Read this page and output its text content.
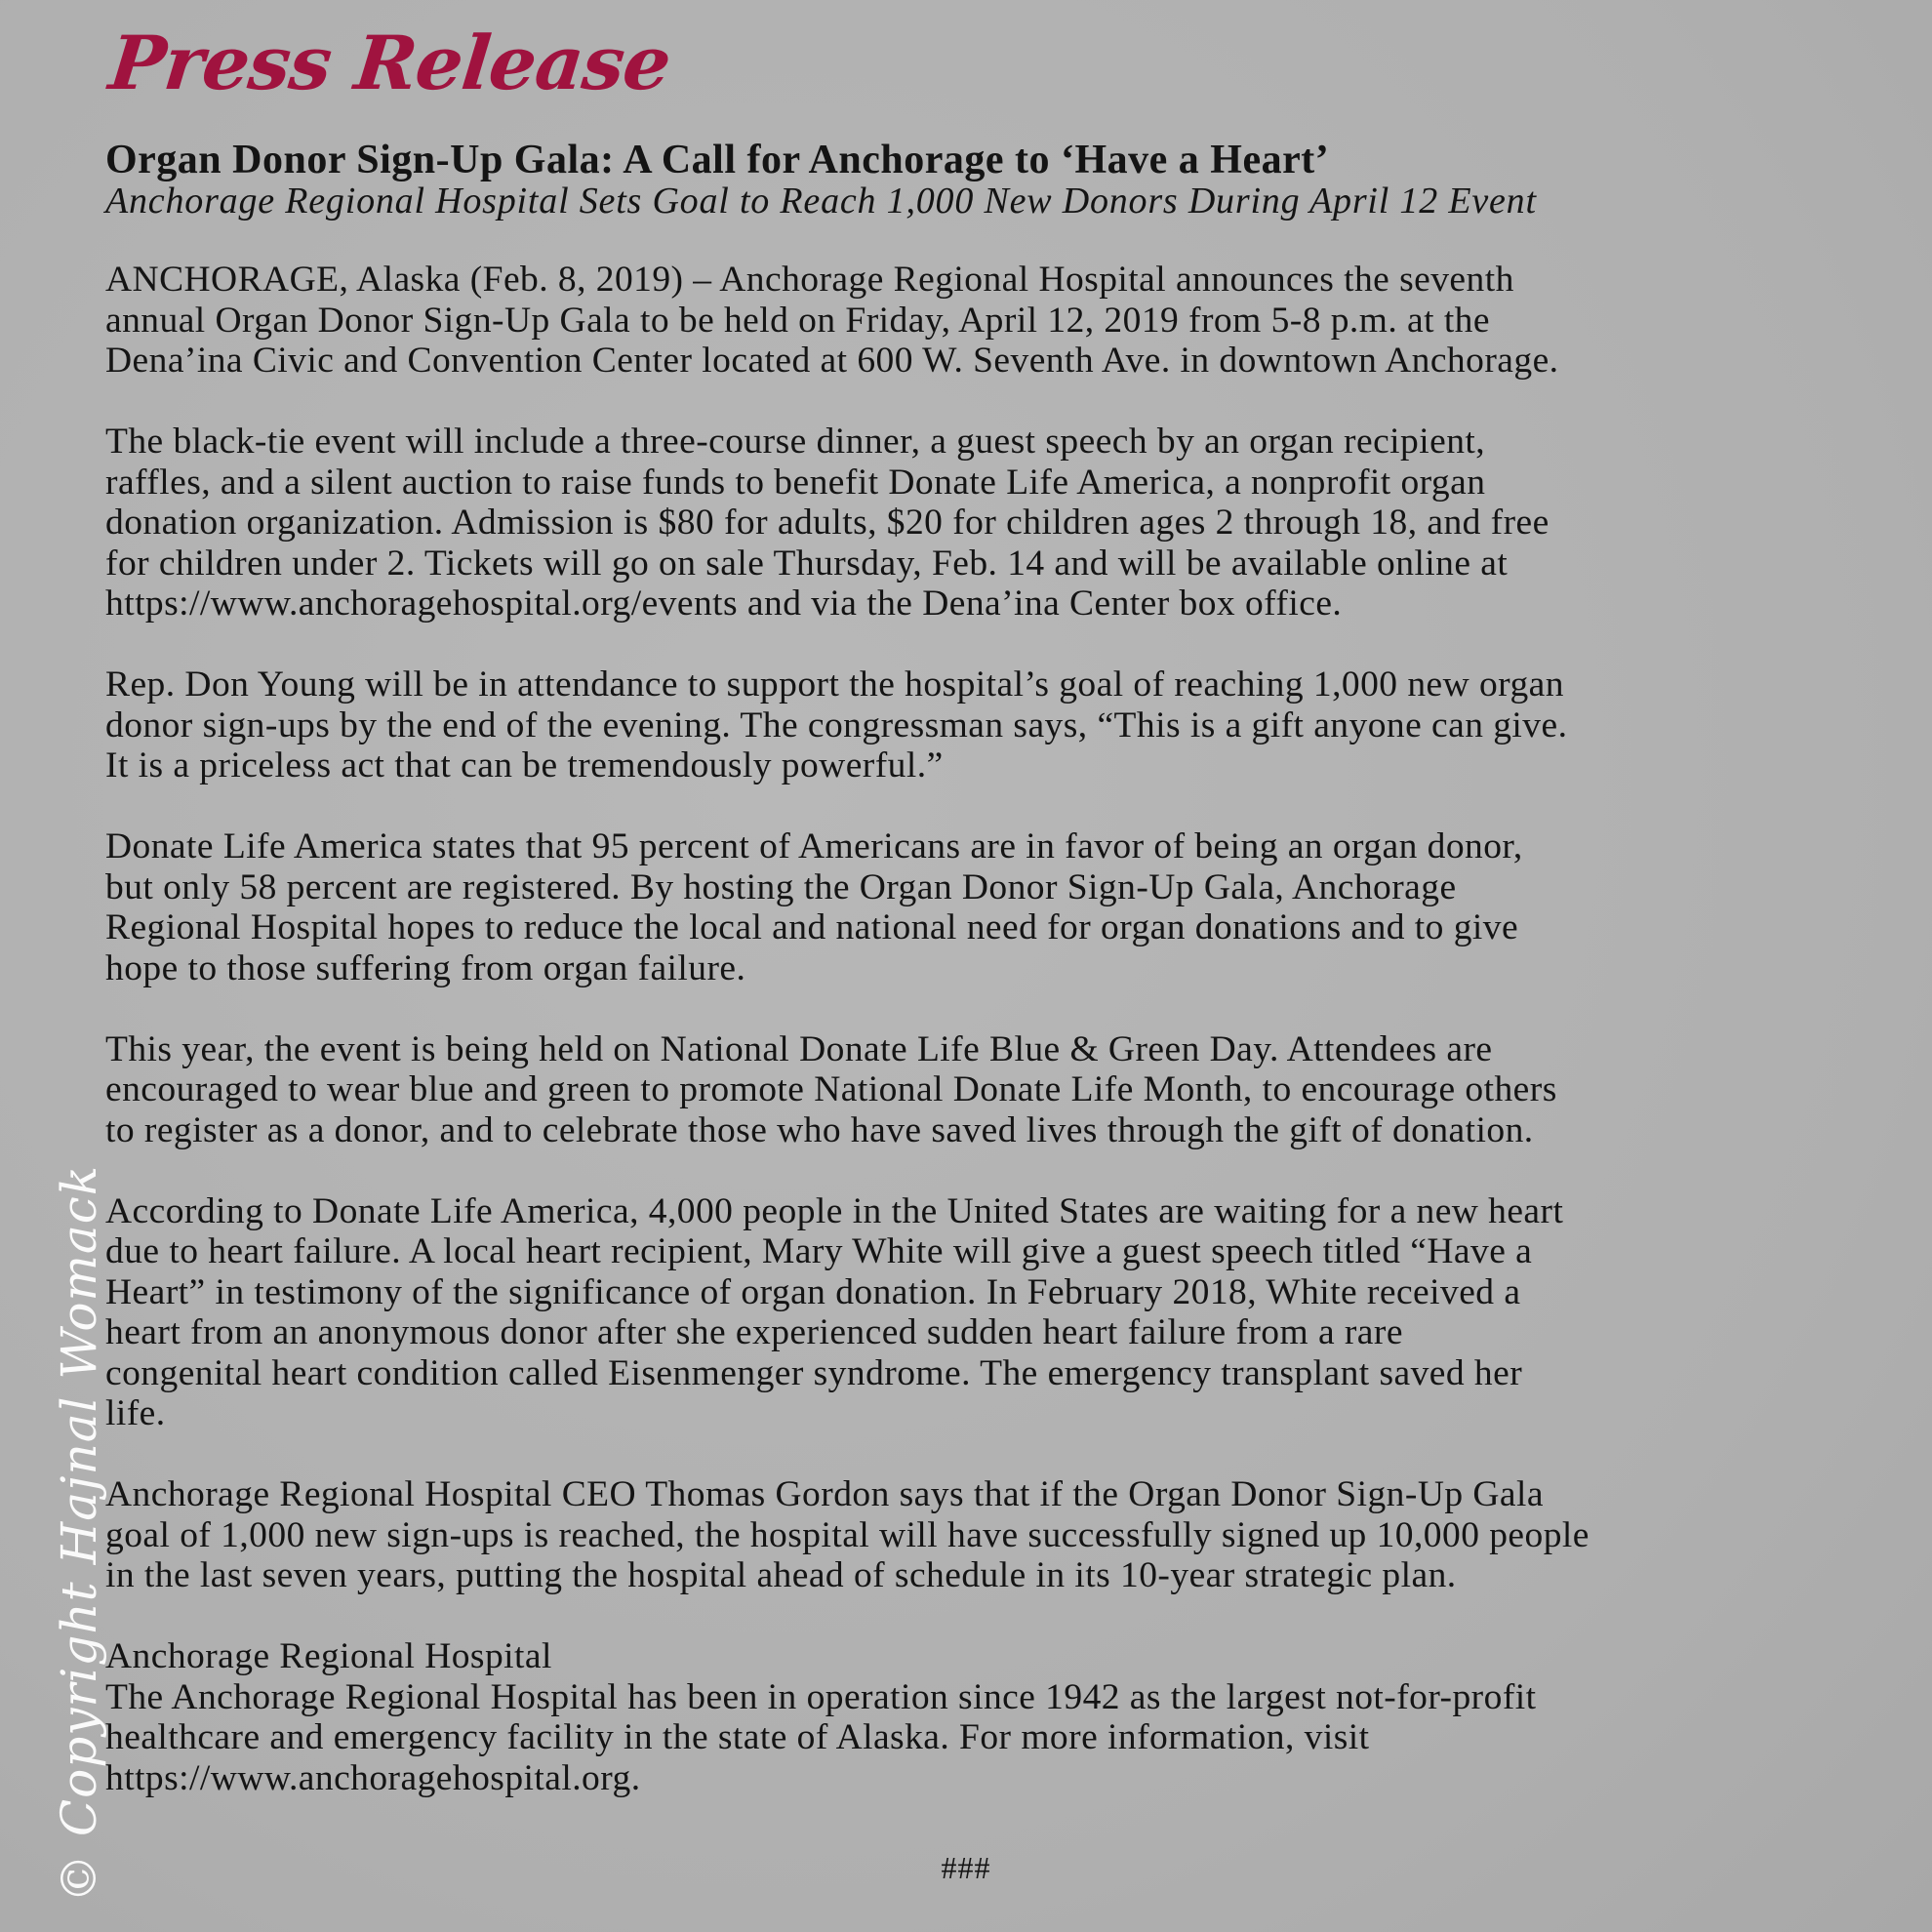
Press Release
Organ Donor Sign-Up Gala: A Call for Anchorage to ‘Have a Heart’
Anchorage Regional Hospital Sets Goal to Reach 1,000 New Donors During April 12 Event

ANCHORAGE, Alaska (Feb. 8, 2019) – Anchorage Regional Hospital announces the seventh
annual Organ Donor Sign-Up Gala to be held on Friday, April 12, 2019 from 5-8 p.m. at the
Dena’ina Civic and Convention Center located at 600 W. Seventh Ave. in downtown Anchorage.

The black-tie event will include a three-course dinner, a guest speech by an organ recipient,
raffles, and a silent auction to raise funds to benefit Donate Life America, a nonprofit organ
donation organization. Admission is $80 for adults, $20 for children ages 2 through 18, and free
for children under 2. Tickets will go on sale Thursday, Feb. 14 and will be available online at
https://www.anchoragehospital.org/events and via the Dena’ina Center box office.

Rep. Don Young will be in attendance to support the hospital’s goal of reaching 1,000 new organ
donor sign-ups by the end of the evening. The congressman says, “This is a gift anyone can give.
It is a priceless act that can be tremendously powerful.”

Donate Life America states that 95 percent of Americans are in favor of being an organ donor,
but only 58 percent are registered. By hosting the Organ Donor Sign-Up Gala, Anchorage
Regional Hospital hopes to reduce the local and national need for organ donations and to give
hope to those suffering from organ failure.

This year, the event is being held on National Donate Life Blue & Green Day. Attendees are
encouraged to wear blue and green to promote National Donate Life Month, to encourage others
to register as a donor, and to celebrate those who have saved lives through the gift of donation.

According to Donate Life America, 4,000 people in the United States are waiting for a new heart
due to heart failure. A local heart recipient, Mary White will give a guest speech titled “Have a
Heart” in testimony of the significance of organ donation. In February 2018, White received a
heart from an anonymous donor after she experienced sudden heart failure from a rare
congenital heart condition called Eisenmenger syndrome. The emergency transplant saved her
life.

Anchorage Regional Hospital CEO Thomas Gordon says that if the Organ Donor Sign-Up Gala
goal of 1,000 new sign-ups is reached, the hospital will have successfully signed up 10,000 people
in the last seven years, putting the hospital ahead of schedule in its 10-year strategic plan.

Anchorage Regional Hospital
The Anchorage Regional Hospital has been in operation since 1942 as the largest not-for-profit
healthcare and emergency facility in the state of Alaska. For more information, visit
https://www.anchoragehospital.org.

###
© Copyright Hajnal Womack
